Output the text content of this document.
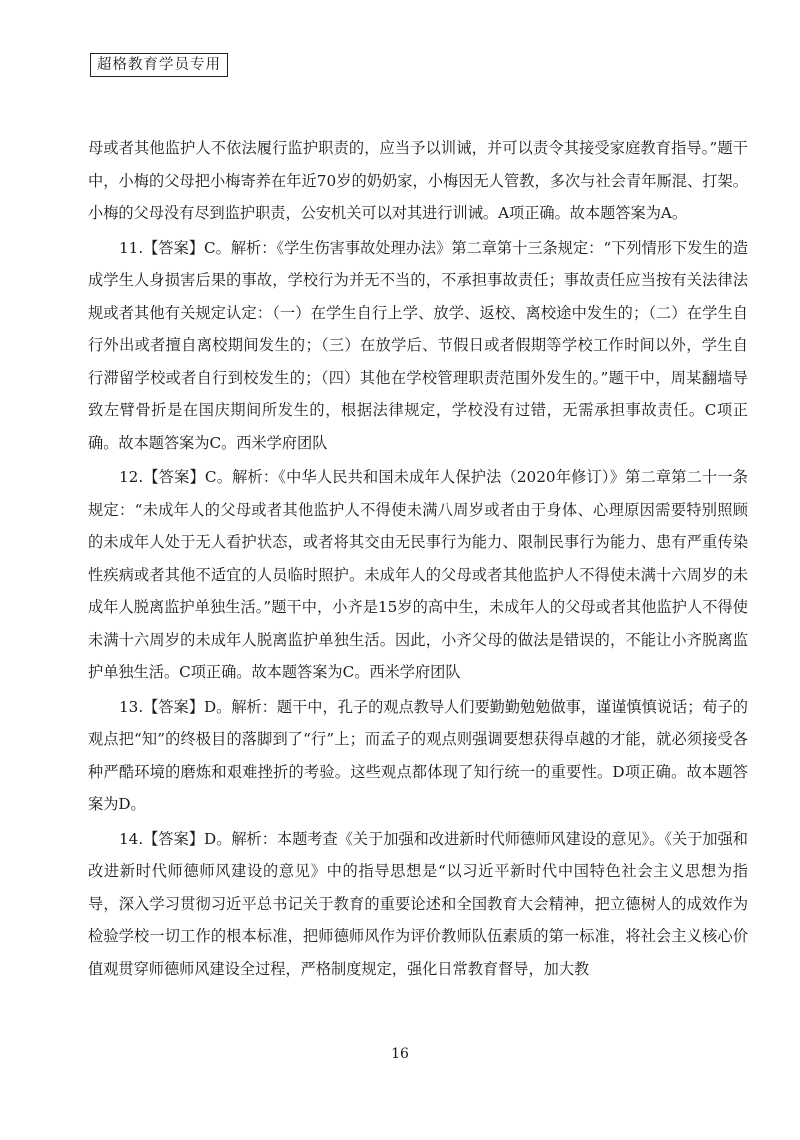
超格教育学员专用

母或者其他监护人不依法履行监护职责的，应当予以训诫，并可以责令其接受家庭教育指导。”题干中，小梅的父母把小梅寄养在年近70岁的奶奶家，小梅因无人管教，多次与社会青年厮混、打架。小梅的父母没有尽到监护职责，公安机关可以对其进行训诫。A项正确。故本题答案为A。

11.【答案】C。解析：《学生伤害事故处理办法》第二章第十三条规定：“下列情形下发生的造成学生人身损害后果的事故，学校行为并无不当的，不承担事故责任；事故责任应当按有关法律法规或者其他有关规定认定：（一）在学生自行上学、放学、返校、离校途中发生的；（二）在学生自行外出或者擅自离校期间发生的；（三）在放学后、节假日或者假期等学校工作时间以外，学生自行滞留学校或者自行到校发生的；（四）其他在学校管理职责范围外发生的。”题干中，周某翻墙导致左臂骨折是在国庆期间所发生的，根据法律规定，学校没有过错，无需承担事故责任。C项正确。故本题答案为C。西米学府团队

12.【答案】C。解析：《中华人民共和国未成年人保护法（2020年修订）》第二章第二十一条规定：“未成年人的父母或者其他监护人不得使未满八周岁或者由于身体、心理原因需要特别照顾的未成年人处于无人看护状态，或者将其交由无民事行为能力、限制民事行为能力、患有严重传染性疾病或者其他不适宜的人员临时照护。未成年人的父母或者其他监护人不得使未满十六周岁的未成年人脱离监护单独生活。”题干中，小齐是15岁的高中生，未成年人的父母或者其他监护人不得使未满十六周岁的未成年人脱离监护单独生活。因此，小齐父母的做法是错误的，不能让小齐脱离监护单独生活。C项正确。故本题答案为C。西米学府团队

13.【答案】D。解析：题干中，孔子的观点教导人们要勤勤勉勉做事，谨谨慎慎说话；荀子的观点把“知”的终极目的落脚到了“行”上；而孟子的观点则强调要想获得卓越的才能，就必须接受各种严酷环境的磨炼和艰难挫折的考验。这些观点都体现了知行统一的重要性。D项正确。故本题答案为D。

14.【答案】D。解析：本题考查《关于加强和改进新时代师德师风建设的意见》。《关于加强和改进新时代师德师风建设的意见》中的指导思想是“以习近平新时代中国特色社会主义思想为指导，深入学习贯彻习近平总书记关于教育的重要论述和全国教育大会精神，把立德树人的成效作为检验学校一切工作的根本标准，把师德师风作为评价教师队伍素质的第一标准，将社会主义核心价值观贯穿师德师风建设全过程，严格制度规定，强化日常教育督导，加大教

16
